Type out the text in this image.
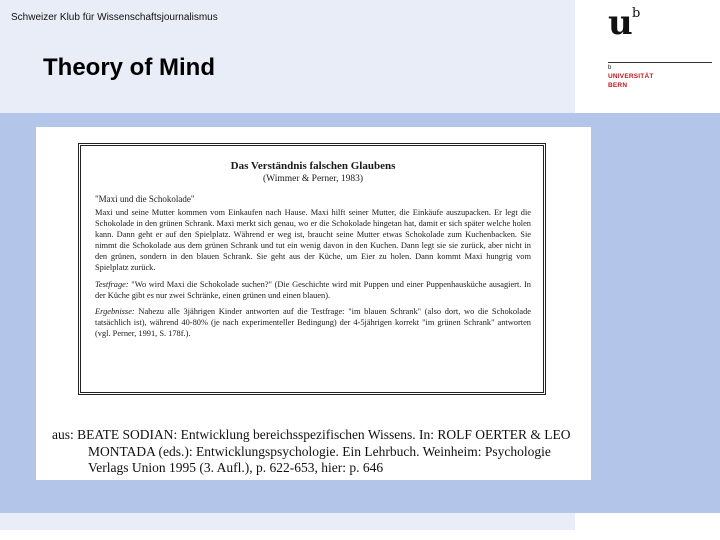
Schweizer Klub für Wissenschaftsjournalismus
Theory of Mind
u b
b
UNIVERSITÄT
BERN
Das Verständnis falschen Glaubens
(Wimmer & Perner, 1983)
"Maxi und die Schokolade"
Maxi und seine Mutter kommen vom Einkaufen nach Hause. Maxi hilft seiner Mutter, die Einkäufe auszupacken. Er legt die Schokolade in den grünen Schrank. Maxi merkt sich genau, wo er die Schokolade hingetan hat, damit er sich später welche holen kann. Dann geht er auf den Spielplatz. Während er weg ist, braucht seine Mutter etwas Schokolade zum Kuchenbacken. Sie nimmt die Schokolade aus dem grünen Schrank und tut ein wenig davon in den Kuchen. Dann legt sie sie zurück, aber nicht in den grünen, sondern in den blauen Schrank. Sie geht aus der Küche, um Eier zu holen. Dann kommt Maxi hungrig vom Spielplatz zurück.
Testfrage: "Wo wird Maxi die Schokolade suchen?" (Die Geschichte wird mit Puppen und einer Puppenhausküche ausagiert. In der Küche gibt es nur zwei Schränke, einen grünen und einen blauen).
Ergebnisse: Nahezu alle 3jährigen Kinder antworten auf die Testfrage: "im blauen Schrank" (also dort, wo die Schokolade tatsächlich ist), während 40-80% (je nach experimenteller Bedingung) der 4-5jährigen korrekt "im grünen Schrank" antworten (vgl. Perner, 1991, S. 178f.).
aus: BEATE SODIAN: Entwicklung bereichsspezifischen Wissens. In: ROLF OERTER & LEO
MONTADA (eds.): Entwicklungspsychologie. Ein Lehrbuch. Weinheim: Psychologie
Verlags Union 1995 (3. Aufl.), p. 622-653, hier: p. 646
